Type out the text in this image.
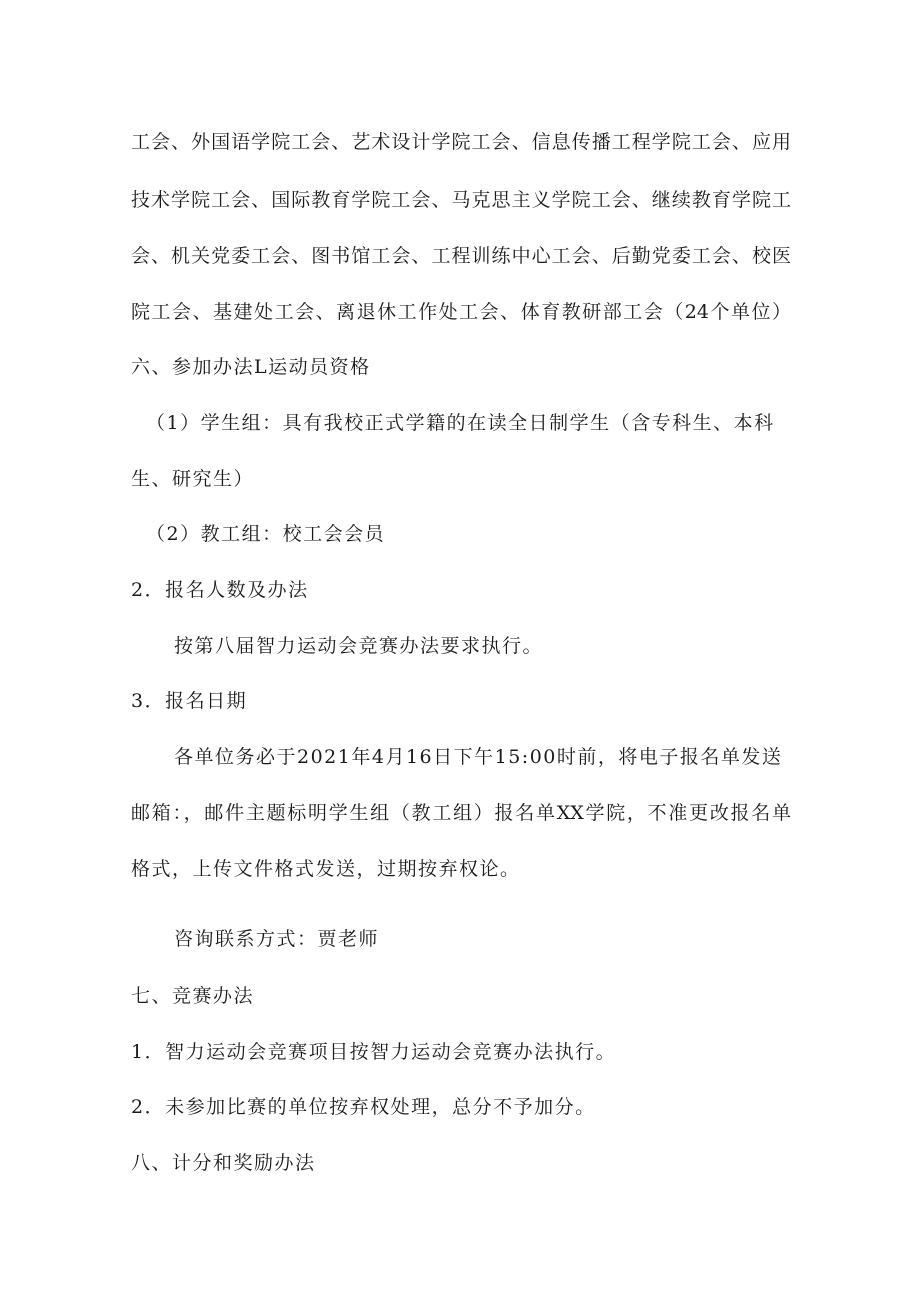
工会、外国语学院工会、艺术设计学院工会、信息传播工程学院工会、应用
技术学院工会、国际教育学院工会、马克思主义学院工会、继续教育学院工
会、机关党委工会、图书馆工会、工程训练中心工会、后勤党委工会、校医
院工会、基建处工会、离退休工作处工会、体育教研部工会（24个单位）
六、参加办法L运动员资格
（1）学生组：具有我校正式学籍的在读全日制学生（含专科生、本科
生、研究生）
（2）教工组：校工会会员
2．报名人数及办法
按第八届智力运动会竞赛办法要求执行。
3．报名日期
各单位务必于2021年4月16日下午15:00时前，将电子报名单发送
邮箱：，邮件主题标明学生组（教工组）报名单XX学院，不准更改报名单
格式，上传文件格式发送，过期按弃权论。
咨询联系方式：贾老师
七、竞赛办法
1．智力运动会竞赛项目按智力运动会竞赛办法执行。
2．未参加比赛的单位按弃权处理，总分不予加分。
八、计分和奖励办法
